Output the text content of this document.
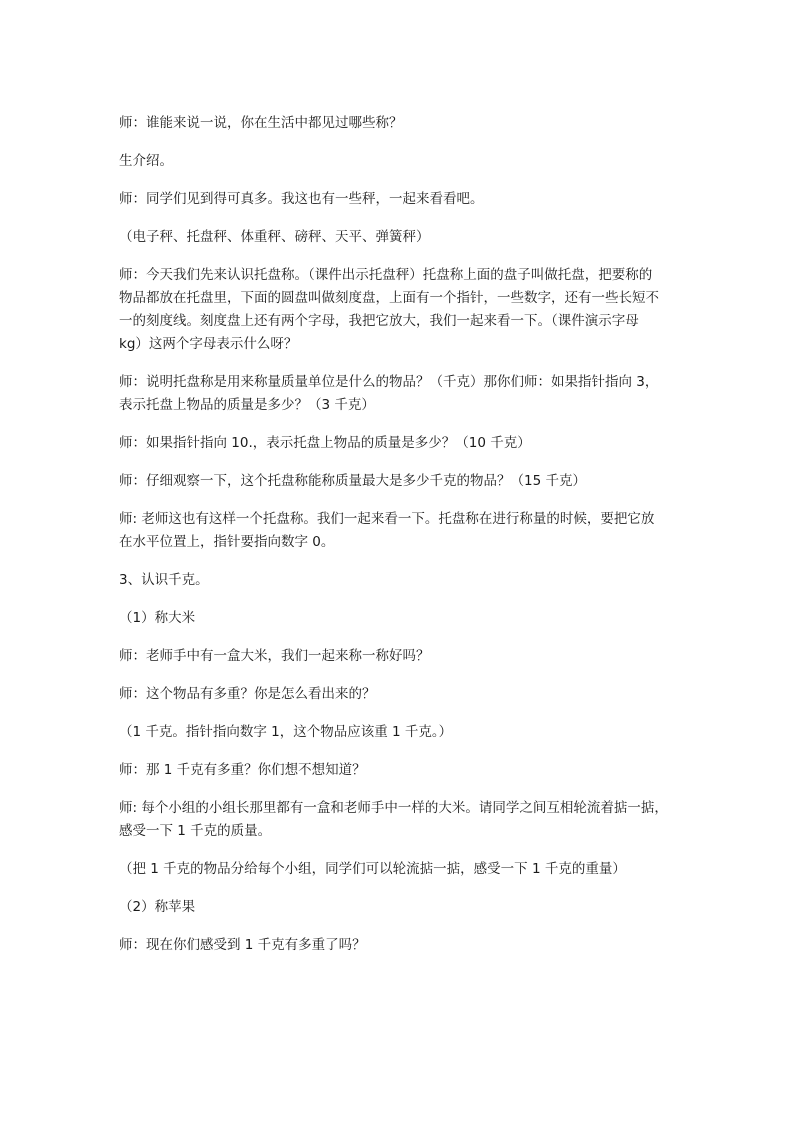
师：谁能来说一说，你在生活中都见过哪些称？

生介绍。

师：同学们见到得可真多。我这也有一些秤，一起来看看吧。

（电子秤、托盘秤、体重秤、磅秤、天平、弹簧秤）

师：今天我们先来认识托盘称。（课件出示托盘秤）托盘称上面的盘子叫做托盘，把要称的
物品都放在托盘里，下面的圆盘叫做刻度盘，上面有一个指针，一些数字，还有一些长短不
一的刻度线。刻度盘上还有两个字母，我把它放大，我们一起来看一下。（课件演示字母
kg）这两个字母表示什么呀？

师：说明托盘称是用来称量质量单位是什么的物品？（千克）那你们师：如果指针指向 3，
表示托盘上物品的质量是多少？（3 千克）

师：如果指针指向 10.，表示托盘上物品的质量是多少？（10 千克）

师：仔细观察一下，这个托盘称能称质量最大是多少千克的物品？（15 千克）

师: 老师这也有这样一个托盘称。我们一起来看一下。托盘称在进行称量的时候，要把它放
在水平位置上，指针要指向数字 0。

3、认识千克。

（1）称大米

师：老师手中有一盒大米，我们一起来称一称好吗？

师：这个物品有多重？你是怎么看出来的？

（1 千克。指针指向数字 1，这个物品应该重 1 千克。）

师：那 1 千克有多重？你们想不想知道？

师: 每个小组的小组长那里都有一盒和老师手中一样的大米。请同学之间互相轮流着掂一掂，
感受一下 1 千克的质量。

（把 1 千克的物品分给每个小组，同学们可以轮流掂一掂，感受一下 1 千克的重量）

（2）称苹果

师：现在你们感受到 1 千克有多重了吗？
